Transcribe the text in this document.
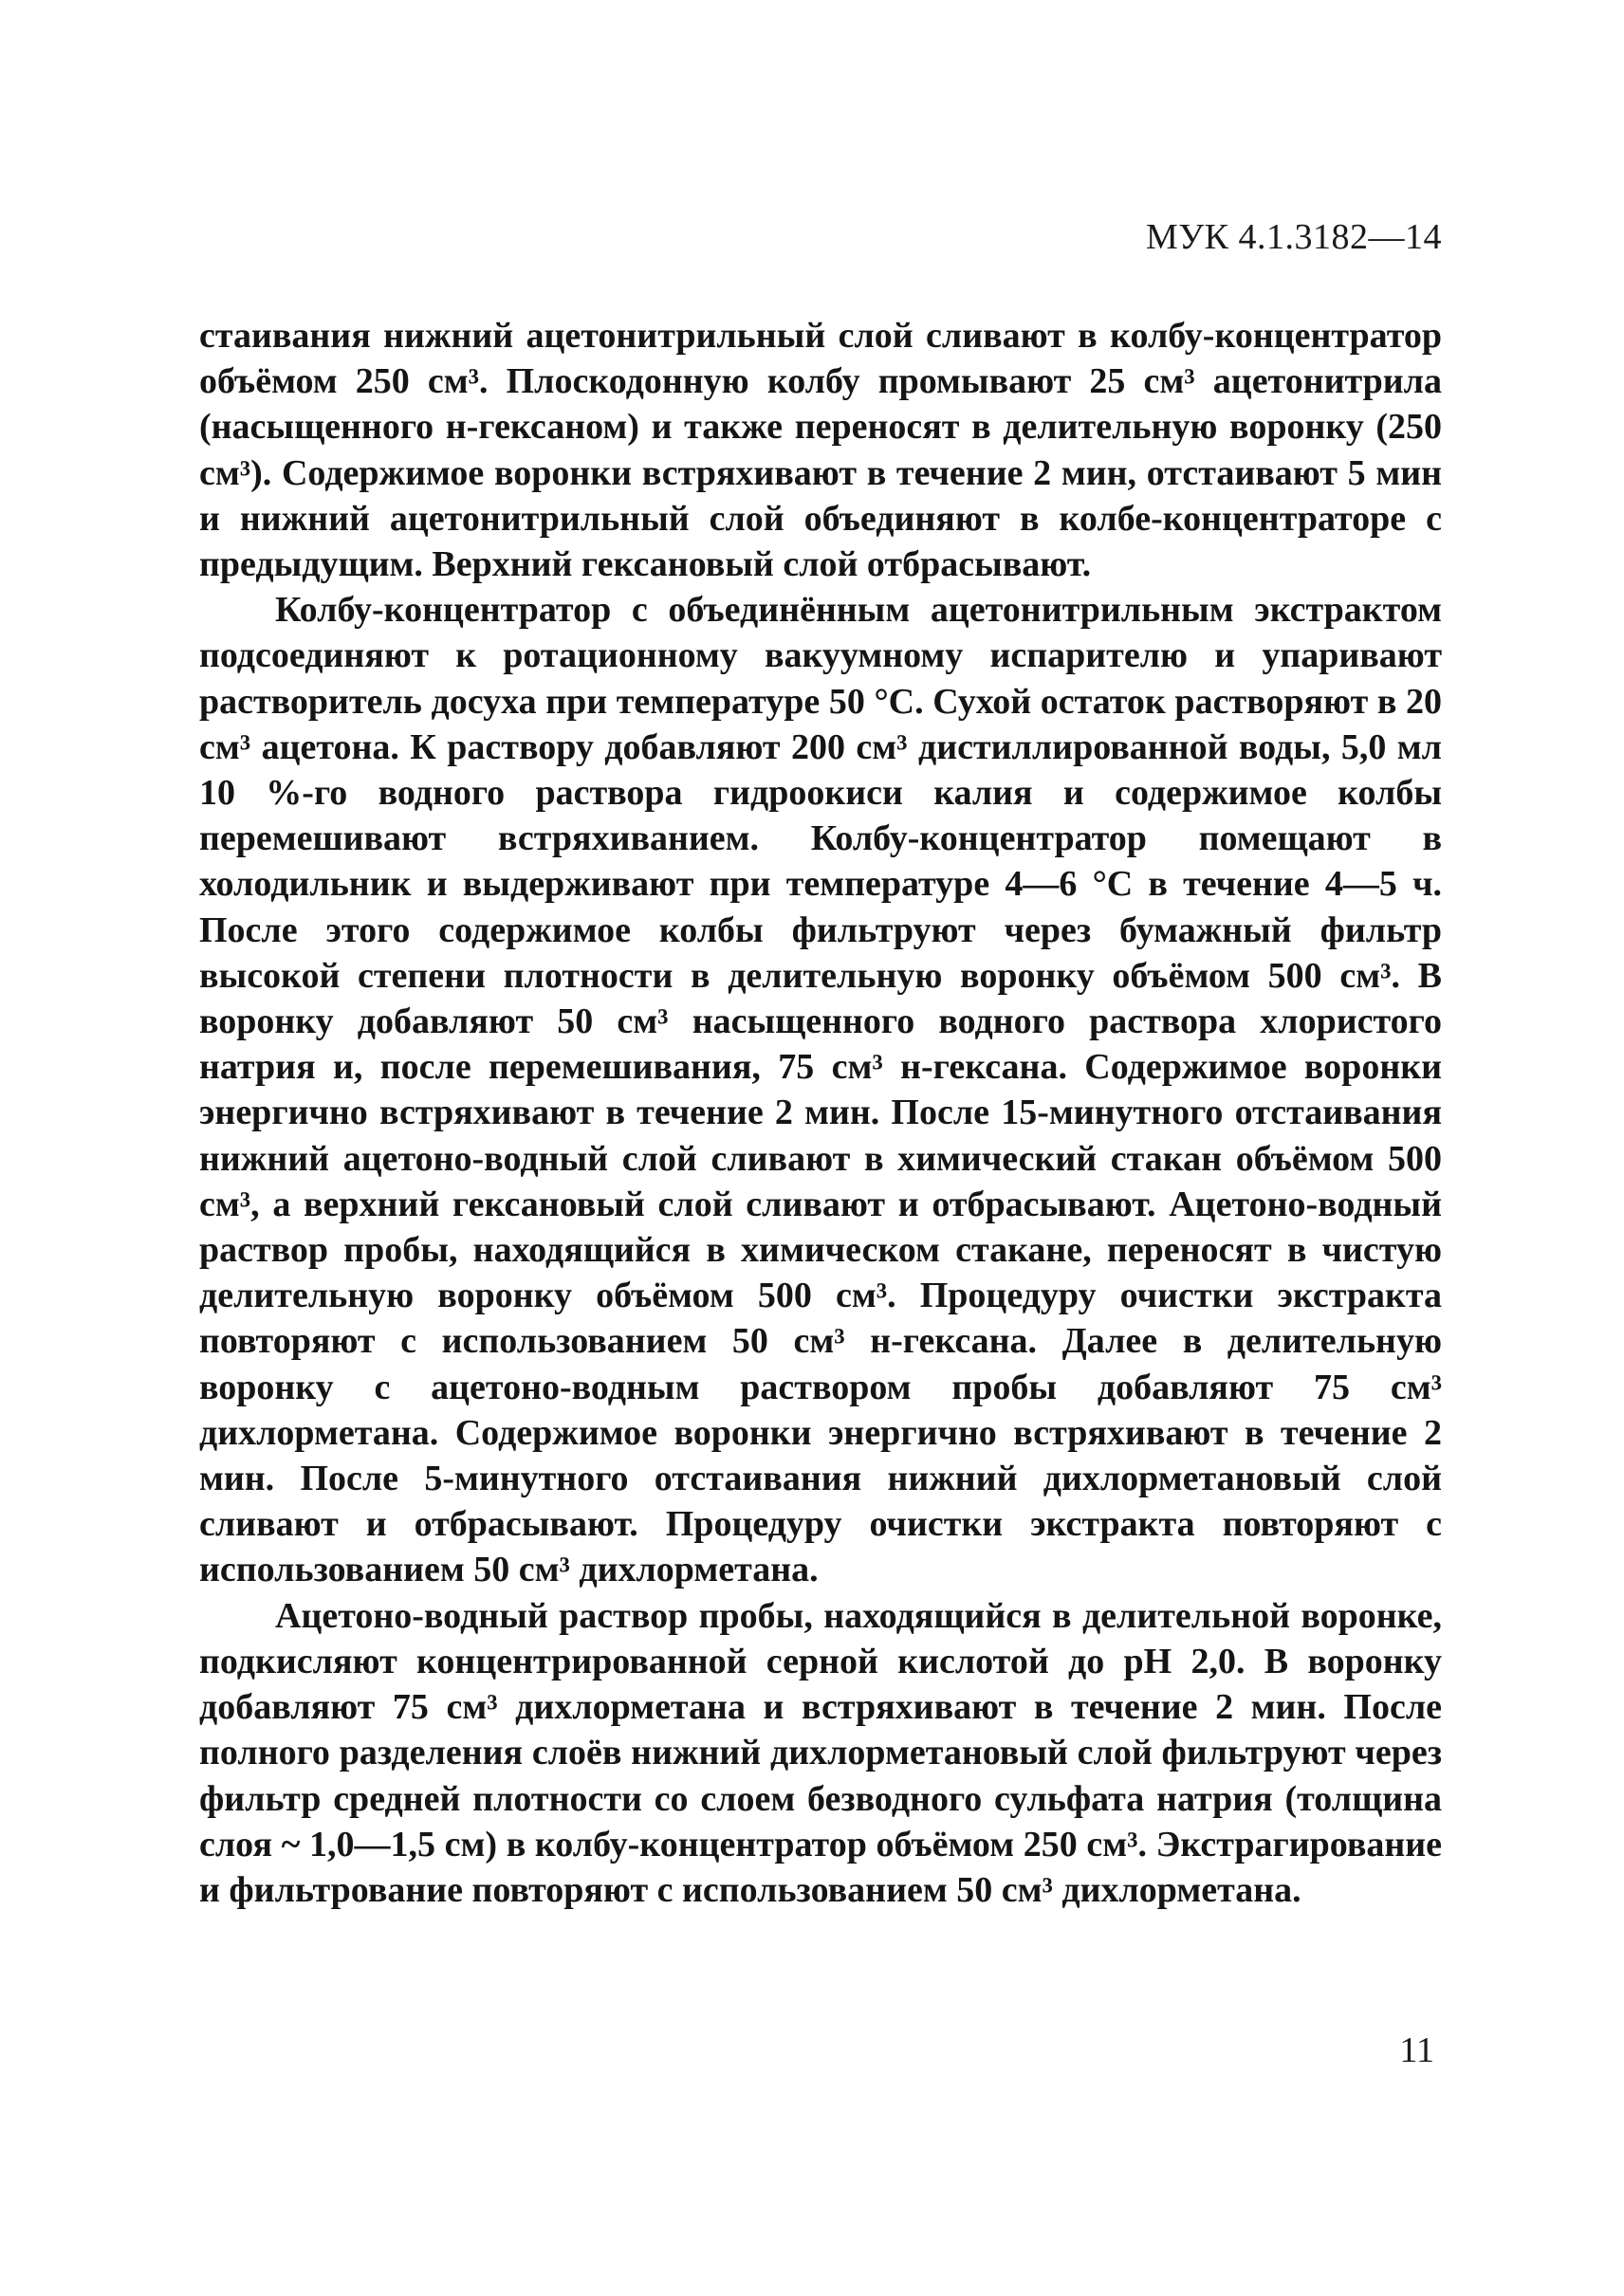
МУК 4.1.3182—14

стаивания нижний ацетонитрильный слой сливают в колбу-концентратор объёмом 250 см³. Плоскодонную колбу промывают 25 см³ ацетонитрила (насыщенного н-гексаном) и также переносят в делительную воронку (250 см³). Содержимое воронки встряхивают в течение 2 мин, отстаивают 5 мин и нижний ацетонитрильный слой объединяют в колбе-концентраторе с предыдущим. Верхний гексановый слой отбрасывают.

Колбу-концентратор с объединённым ацетонитрильным экстрактом подсоединяют к ротационному вакуумному испарителю и упаривают растворитель досуха при температуре 50 °С. Сухой остаток растворяют в 20 см³ ацетона. К раствору добавляют 200 см³ дистиллированной воды, 5,0 мл 10 %-го водного раствора гидроокиси калия и содержимое колбы перемешивают встряхиванием. Колбу-концентратор помещают в холодильник и выдерживают при температуре 4—6 °С в течение 4—5 ч. После этого содержимое колбы фильтруют через бумажный фильтр высокой степени плотности в делительную воронку объёмом 500 см³. В воронку добавляют 50 см³ насыщенного водного раствора хлористого натрия и, после перемешивания, 75 см³ н-гексана. Содержимое воронки энергично встряхивают в течение 2 мин. После 15-минутного отстаивания нижний ацетоно-водный слой сливают в химический стакан объёмом 500 см³, а верхний гексановый слой сливают и отбрасывают. Ацетоно-водный раствор пробы, находящийся в химическом стакане, переносят в чистую делительную воронку объёмом 500 см³. Процедуру очистки экстракта повторяют с использованием 50 см³ н-гексана. Далее в делительную воронку с ацетоно-водным раствором пробы добавляют 75 см³ дихлорметана. Содержимое воронки энергично встряхивают в течение 2 мин. После 5-минутного отстаивания нижний дихлорметановый слой сливают и отбрасывают. Процедуру очистки экстракта повторяют с использованием 50 см³ дихлорметана.

Ацетоно-водный раствор пробы, находящийся в делительной воронке, подкисляют концентрированной серной кислотой до рН 2,0. В воронку добавляют 75 см³ дихлорметана и встряхивают в течение 2 мин. После полного разделения слоёв нижний дихлорметановый слой фильтруют через фильтр средней плотности со слоем безводного сульфата натрия (толщина слоя ~ 1,0—1,5 см) в колбу-концентратор объёмом 250 см³. Экстрагирование и фильтрование повторяют с использованием 50 см³ дихлорметана.

11
